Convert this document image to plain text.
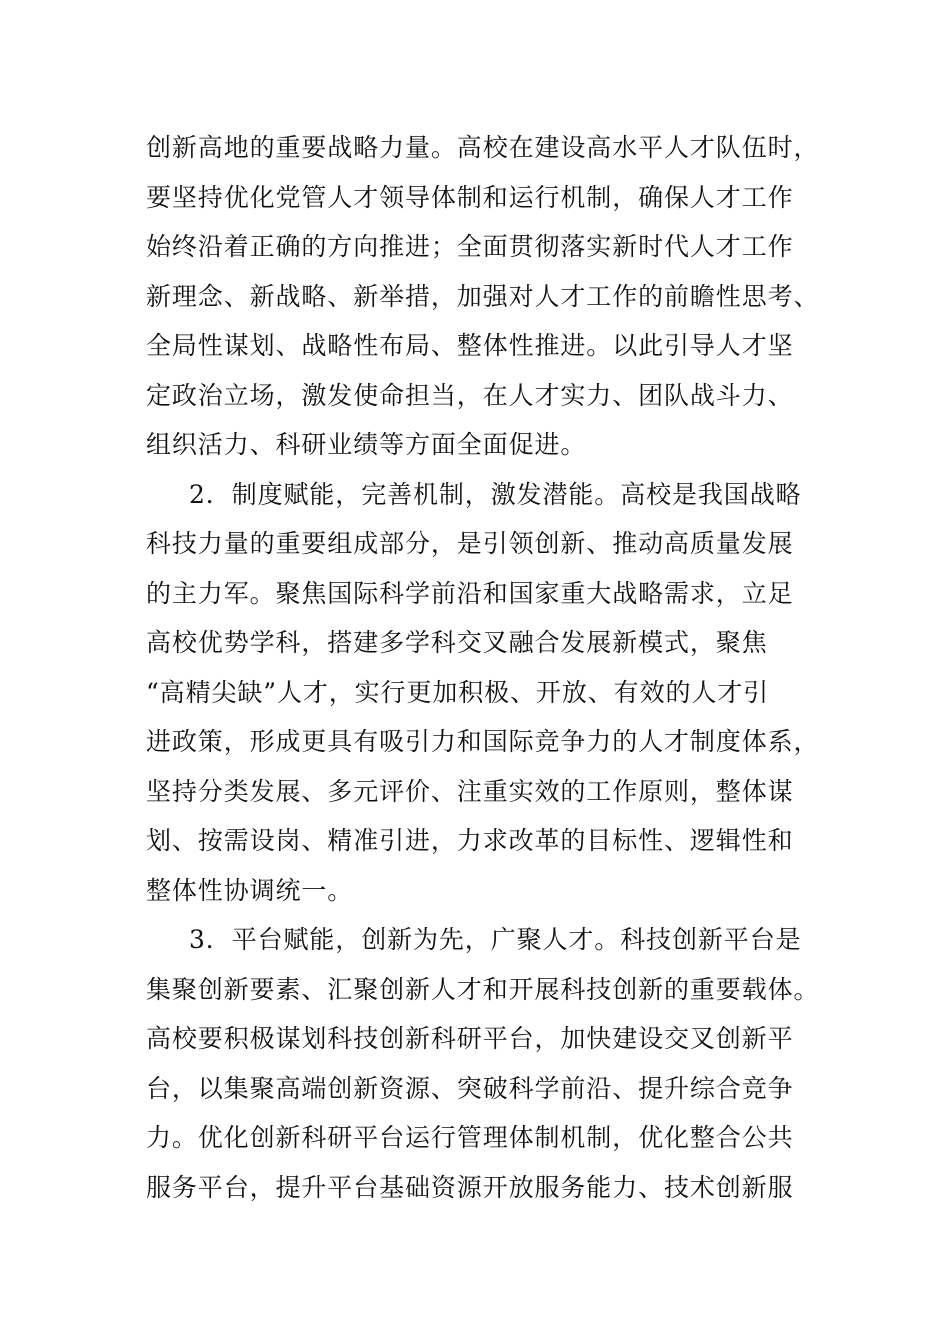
创新高地的重要战略力量。高校在建设高水平人才队伍时，
要坚持优化党管人才领导体制和运行机制，确保人才工作
始终沿着正确的方向推进；全面贯彻落实新时代人才工作
新理念、新战略、新举措，加强对人才工作的前瞻性思考、
全局性谋划、战略性布局、整体性推进。以此引导人才坚
定政治立场，激发使命担当，在人才实力、团队战斗力、
组织活力、科研业绩等方面全面促进。
2．制度赋能，完善机制，激发潜能。高校是我国战略
科技力量的重要组成部分，是引领创新、推动高质量发展
的主力军。聚焦国际科学前沿和国家重大战略需求，立足
高校优势学科，搭建多学科交叉融合发展新模式，聚焦
“高精尖缺”人才，实行更加积极、开放、有效的人才引
进政策，形成更具有吸引力和国际竞争力的人才制度体系，
坚持分类发展、多元评价、注重实效的工作原则，整体谋
划、按需设岗、精准引进，力求改革的目标性、逻辑性和
整体性协调统一。
3．平台赋能，创新为先，广聚人才。科技创新平台是
集聚创新要素、汇聚创新人才和开展科技创新的重要载体。
高校要积极谋划科技创新科研平台，加快建设交叉创新平
台，以集聚高端创新资源、突破科学前沿、提升综合竞争
力。优化创新科研平台运行管理体制机制，优化整合公共
服务平台，提升平台基础资源开放服务能力、技术创新服
